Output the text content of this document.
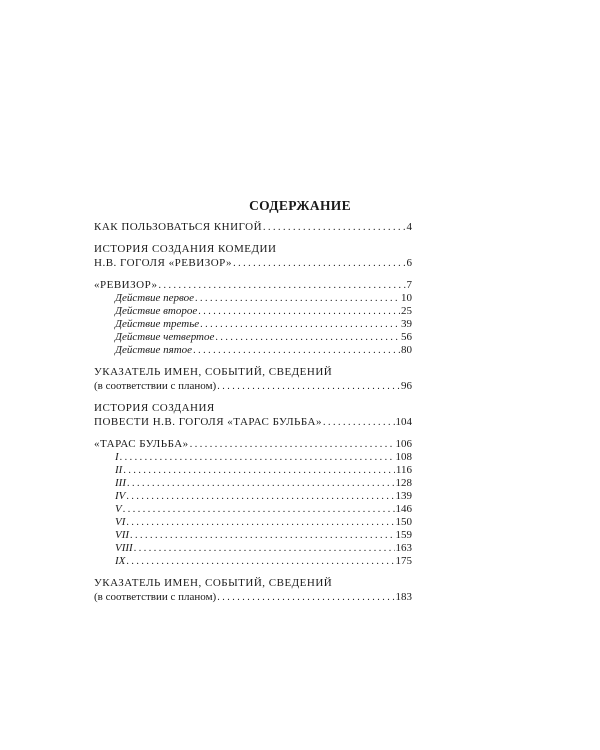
СОДЕРЖАНИЕ
КАК ПОЛЬЗОВАТЬСЯ КНИГОЙ . . .	4
ИСТОРИЯ СОЗДАНИЯ КОМЕДИИ
Н.В. ГОГОЛЯ «РЕВИЗОР» . . .	6
«РЕВИЗОР» . . .	7
Действие первое . . .	10
Действие второе . . .	25
Действие третье . . .	39
Действие четвертое . . .	56
Действие пятое . . .	80
УКАЗАТЕЛЬ ИМЕН, СОБЫТИЙ, СВЕДЕНИЙ
(в соответствии с планом) . . .	96
ИСТОРИЯ СОЗДАНИЯ
ПОВЕСТИ Н.В. ГОГОЛЯ «ТАРАС БУЛЬБА» . . .	104
«ТАРАС БУЛЬБА» . . .	106
I . . .	108
II . . .	116
III . . .	128
IV . . .	139
V . . .	146
VI . . .	150
VII . . .	159
VIII . . .	163
IX . . .	175
УКАЗАТЕЛЬ ИМЕН, СОБЫТИЙ, СВЕДЕНИЙ
(в соответствии с планом) . . .	183
